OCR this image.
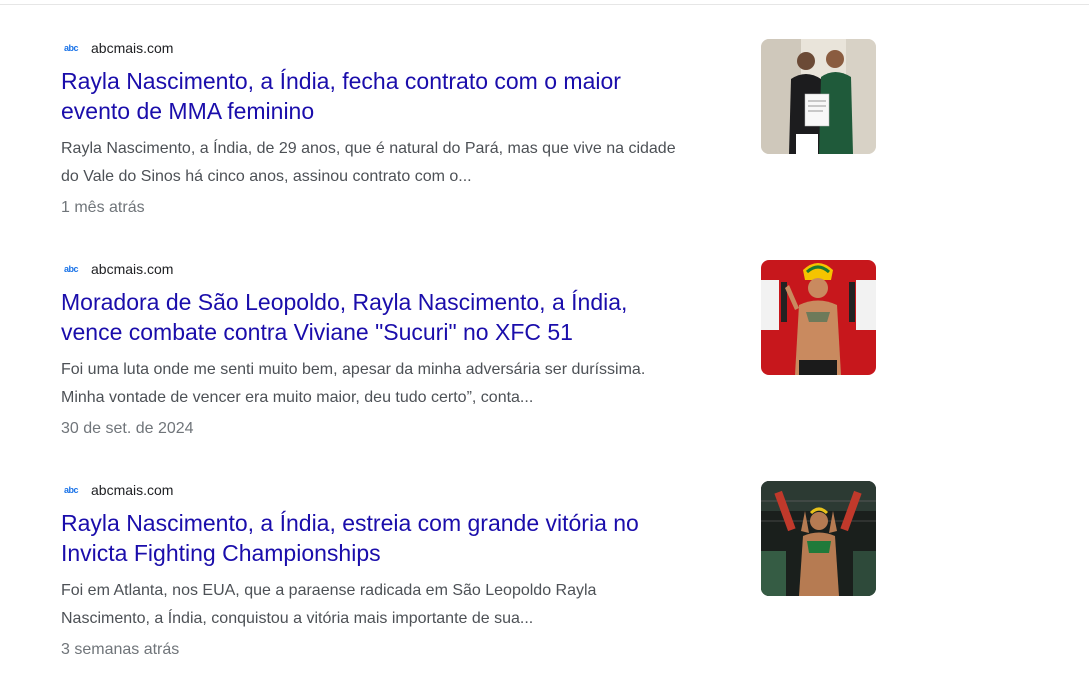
abc abcmais.com
Rayla Nascimento, a Índia, fecha contrato com o maior
evento de MMA feminino
Rayla Nascimento, a Índia, de 29 anos, que é natural do Pará, mas que vive na cidade
do Vale do Sinos há cinco anos, assinou contrato com o...
1 mês atrás
abc abcmais.com
Moradora de São Leopoldo, Rayla Nascimento, a Índia,
vence combate contra Viviane "Sucuri" no XFC 51
Foi uma luta onde me senti muito bem, apesar da minha adversária ser duríssima.
Minha vontade de vencer era muito maior, deu tudo certo”, conta...
30 de set. de 2024
abc abcmais.com
Rayla Nascimento, a Índia, estreia com grande vitória no
Invicta Fighting Championships
Foi em Atlanta, nos EUA, que a paraense radicada em São Leopoldo Rayla
Nascimento, a Índia, conquistou a vitória mais importante de sua...
3 semanas atrás
